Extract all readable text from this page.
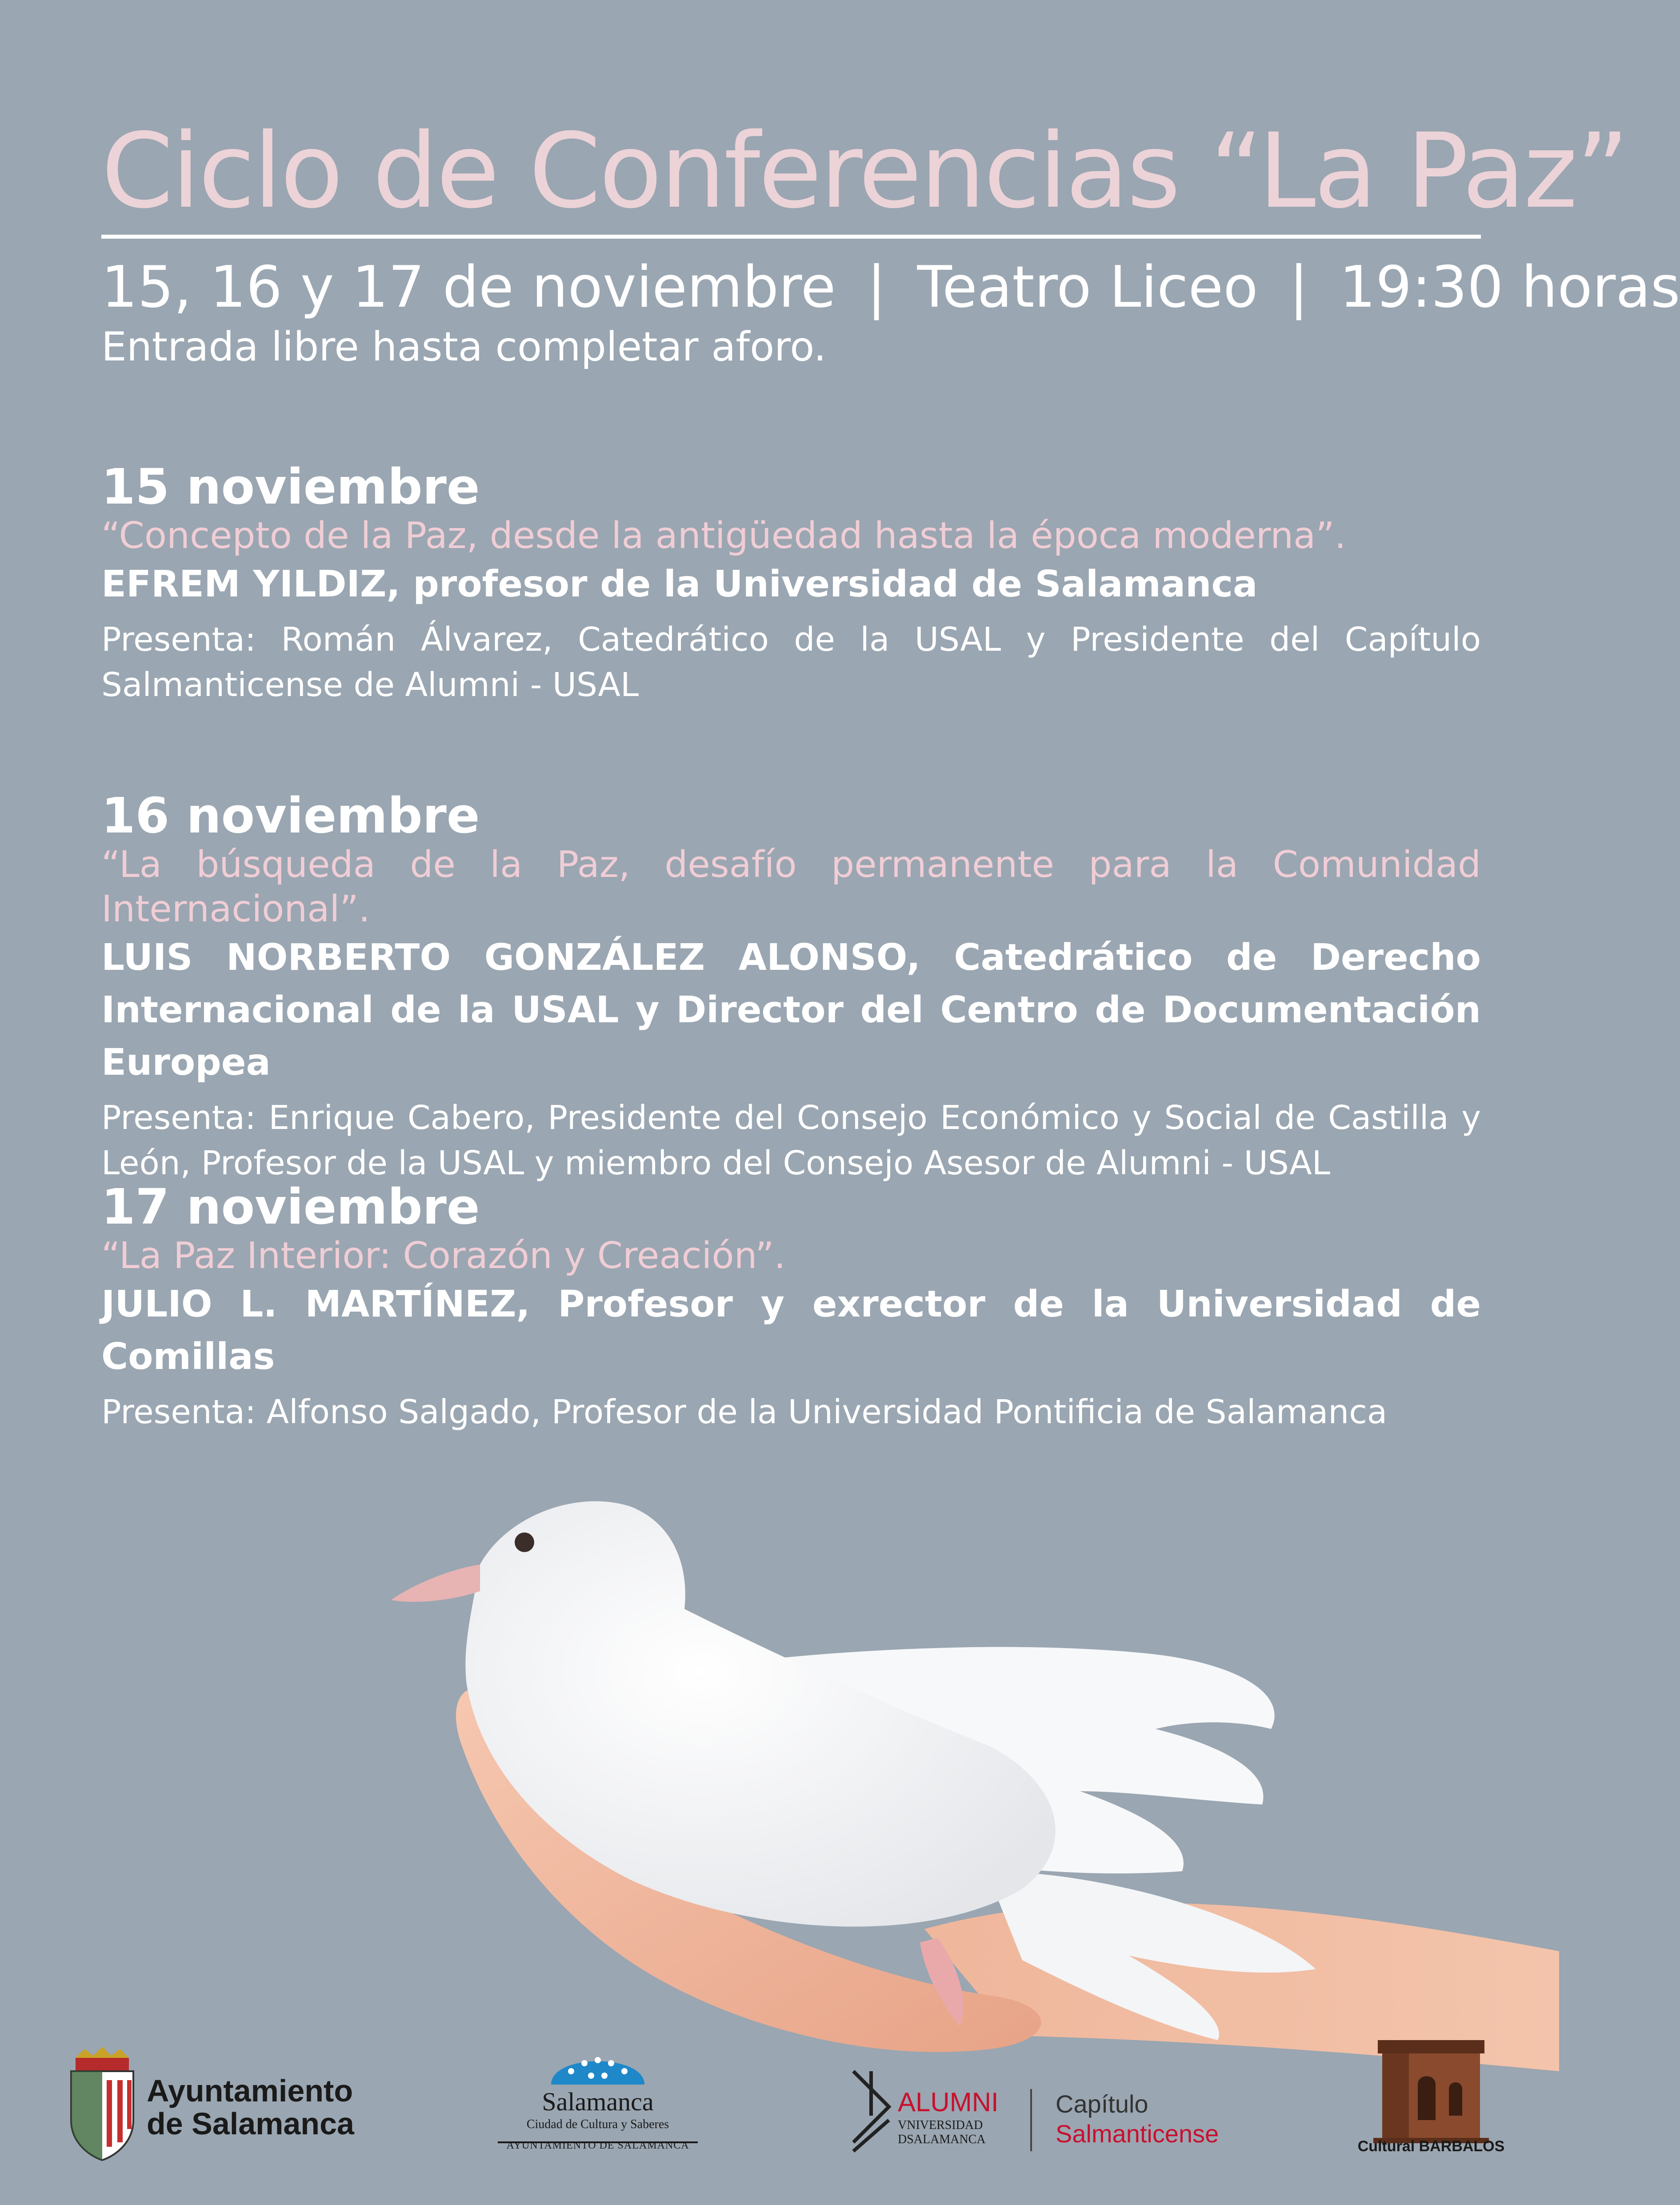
Ciclo de Conferencias “La Paz”
15, 16 y 17 de noviembre | Teatro Liceo | 19:30 horas
Entrada libre hasta completar aforo.
15 noviembre
“Concepto de la Paz, desde la antigüedad hasta la época moderna”.
EFREM YILDIZ, profesor de la Universidad de Salamanca
Presenta: Román Álvarez, Catedrático de la USAL y Presidente del Capítulo Salmanticense de Alumni - USAL
16 noviembre
“La búsqueda de la Paz, desafío permanente para la Comunidad Internacional”.
LUIS NORBERTO GONZÁLEZ ALONSO, Catedrático de Derecho Internacional de la USAL y Director del Centro de Documentación Europea
Presenta: Enrique Cabero, Presidente del Consejo Económico y Social de Castilla y León, Profesor de la USAL y miembro del Consejo Asesor de Alumni - USAL
17 noviembre
“La Paz Interior: Corazón y Creación”.
JULIO L. MARTÍNEZ, Profesor y exrector de la Universidad de Comillas
Presenta: Alfonso Salgado, Profesor de la Universidad Pontificia de Salamanca
Ayuntamiento
de Salamanca
Salamanca
Ciudad de Cultura y Saberes
AYUNTAMIENTO DE SALAMANCA
ALUMNI
VNIVERSIDAD
DSALAMANCA
Capítulo
Salmanticense	Cultural BARBALOS
